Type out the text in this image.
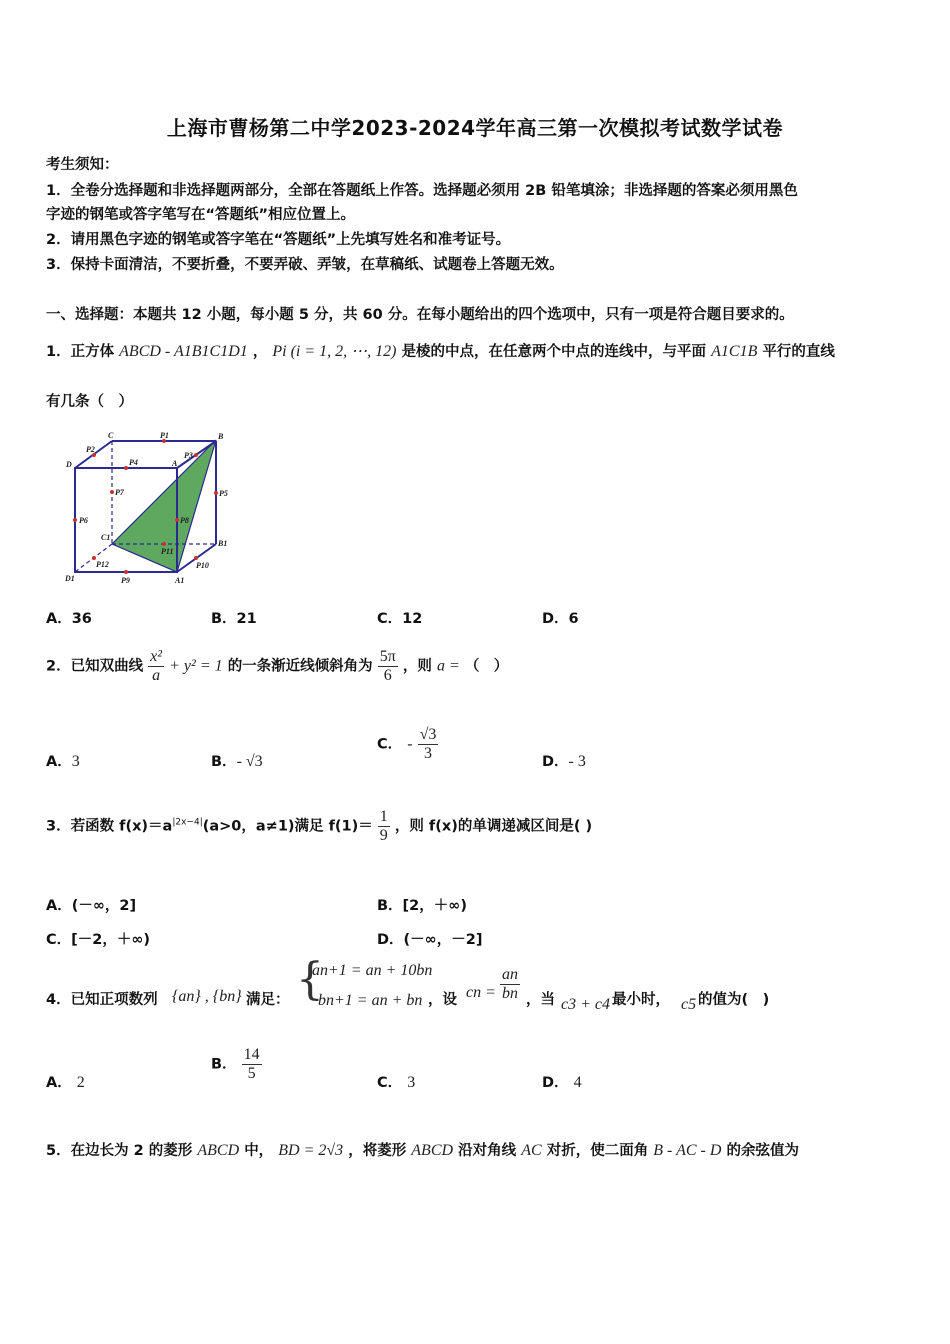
上海市曹杨第二中学2023-2024学年高三第一次模拟考试数学试卷
考生须知：
1．全卷分选择题和非选择题两部分，全部在答题纸上作答。选择题必须用 2B 铅笔填涂；非选择题的答案必须用黑色
字迹的钢笔或答字笔写在“答题纸”相应位置上。
2．请用黑色字迹的钢笔或答字笔在“答题纸”上先填写姓名和准考证号。
3．保持卡面清洁，不要折叠，不要弄破、弄皱，在草稿纸、试题卷上答题无效。
一、选择题：本题共 12 小题，每小题 5 分，共 60 分。在每小题给出的四个选项中，只有一项是符合题目要求的。
1．正方体 ABCD - A1B1C1D1 ， Pi (i = 1, 2, ⋯, 12) 是棱的中点，在任意两个中点的连线中，与平面 A1C1B 平行的直线
有几条（　）
C	B
D	A
C1
B1
D1	A1
P1
P2
P3
P4
P5
P6
P7
P8
P9
P10
P11
P12
A．36	B．21	C．12	D．6
2．已知双曲线 $\frac{\text{x²}}{a} + y^2 = 1$ 的一条渐近线倾斜角为 $\frac{5\pi}{6}$ ，则 a = （　）
A．3	B．- √3
C． - $\frac{√3}{3}$	D．- 3
3．若函数 $f(x)=a^{|2x-4|}(a>0$，a≠1)满足 $f(1)= \frac{1}{9}$ ，则 f(x)的单调递减区间是( )
A．(－∞，2]	B．[2，＋∞)
C．[－2，＋∞)	D．(－∞，－2]
4．已知正项数列 {an} , {bn} 满足： {
an+1 = an + 10bn
bn+1 = an + bn ，设 cn = $\frac{an}{bn}$ ，当 c3 + c4 最小时， c5 的值为(　)
A． 2
B． $\frac{14}{5}$	C． 3	D． 4
5．在边长为 2 的菱形 ABCD 中， BD = 2√3 ，将菱形 ABCD 沿对角线 AC 对折，使二面角 B - AC - D 的余弦值为
